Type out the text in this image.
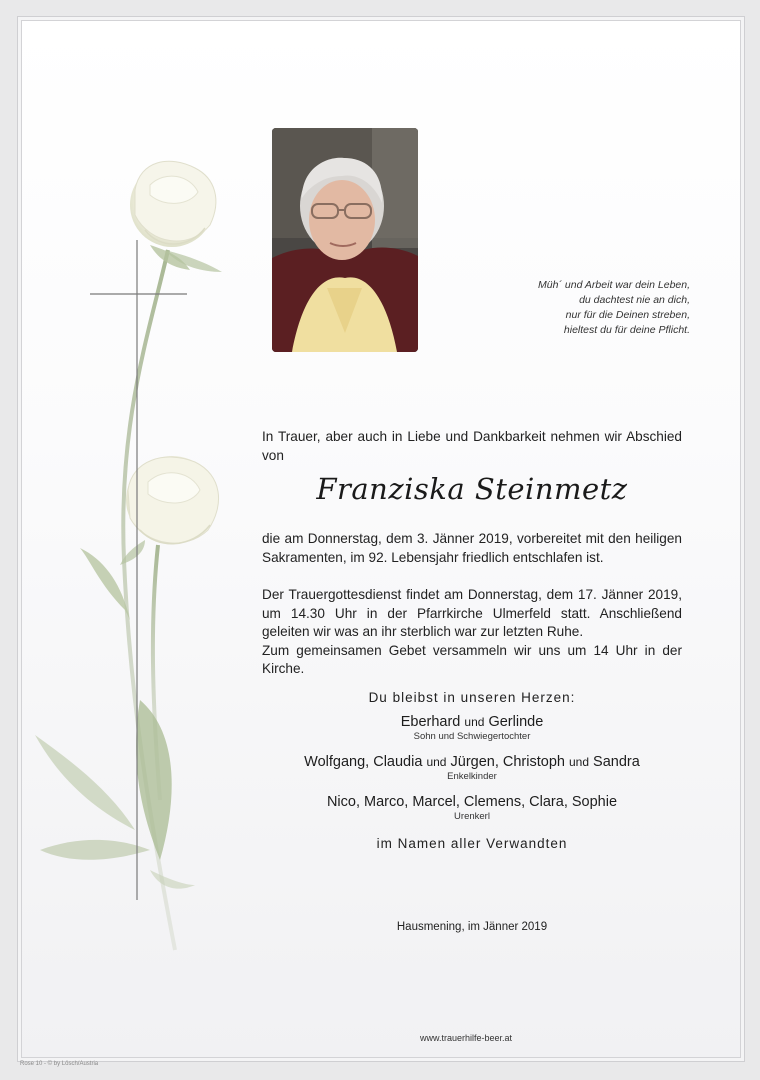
Müh´ und Arbeit war dein Leben,
du dachtest nie an dich,
nur für die Deinen streben,
hieltest du für deine Pflicht.
In Trauer, aber auch in Liebe und Dankbarkeit nehmen wir Abschied von
Franziska Steinmetz
die am Donnerstag, dem 3. Jänner 2019, vorbereitet mit den heiligen Sakramenten, im 92. Lebensjahr friedlich entschlafen ist.
Der Trauergottesdienst findet am Donnerstag, dem 17. Jänner 2019, um 14.30 Uhr in der Pfarrkirche Ulmerfeld statt. Anschließend geleiten wir was an ihr sterblich war zur letzten Ruhe.
Zum gemeinsamen Gebet versammeln wir uns um 14 Uhr in der Kirche.
Du bleibst in unseren Herzen:
Eberhard und Gerlinde
Sohn und Schwiegertochter
Wolfgang, Claudia und Jürgen, Christoph und Sandra
Enkelkinder
Nico, Marco, Marcel, Clemens, Clara, Sophie
Urenkerl
im Namen aller Verwandten
Hausmening, im Jänner 2019
www.trauerhilfe-beer.at
Rose 10 - © by Lösch/Austria
